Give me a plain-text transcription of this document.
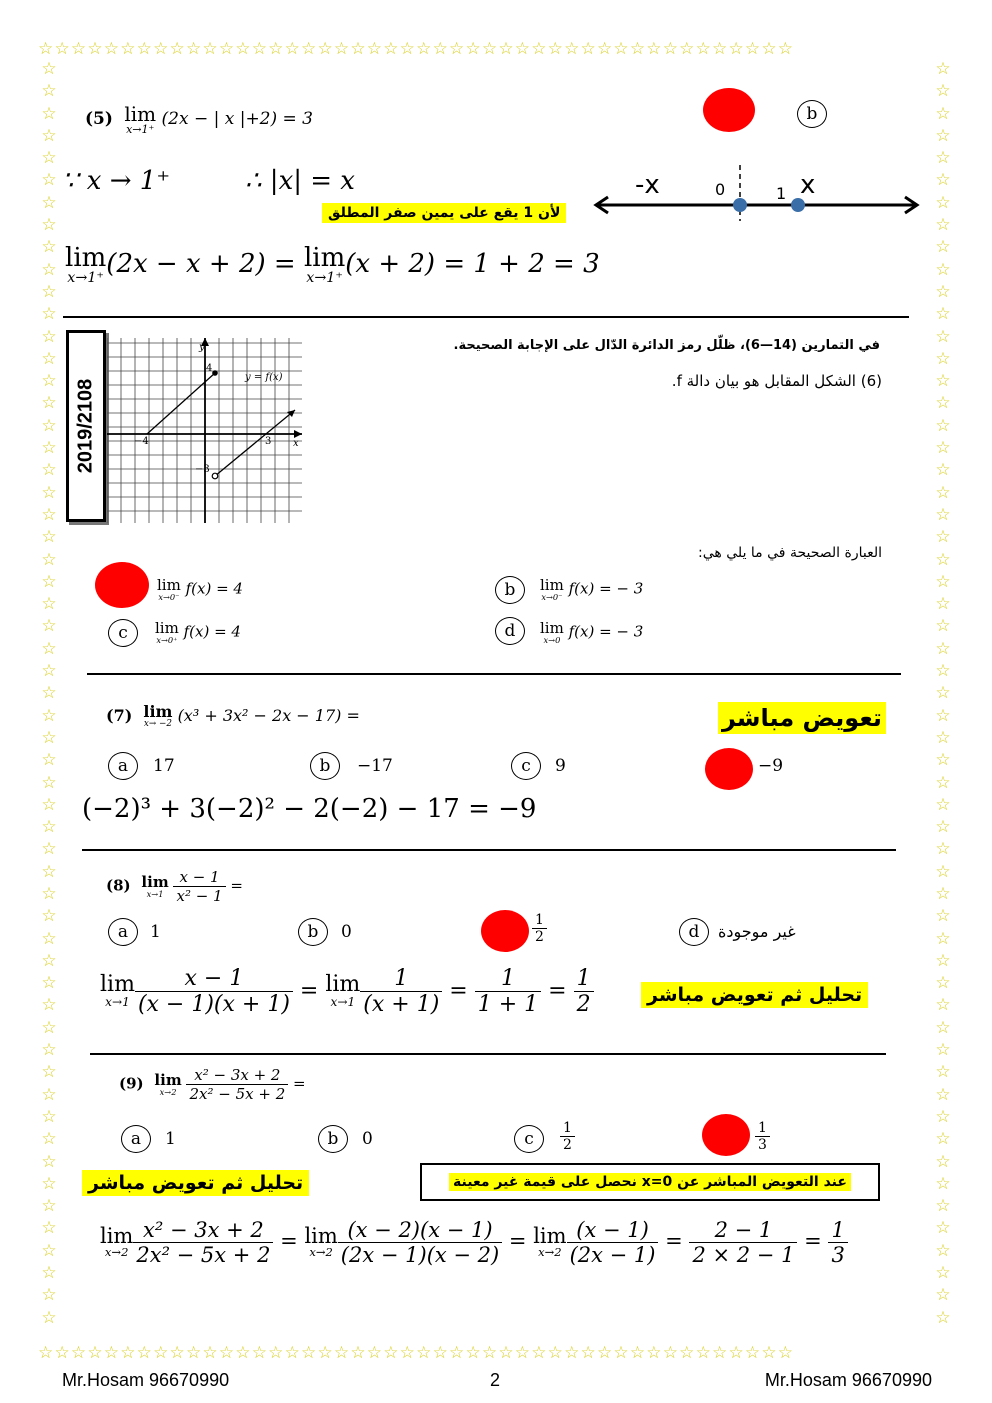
☆☆☆☆☆☆☆☆☆☆☆☆☆☆☆☆☆☆☆☆☆☆☆☆☆☆☆☆☆☆☆☆☆☆☆☆☆☆☆☆☆☆☆☆☆☆
☆☆☆☆☆☆☆☆☆☆☆☆☆☆☆☆☆☆☆☆☆☆☆☆☆☆☆☆☆☆☆☆☆☆☆☆☆☆☆☆☆☆☆☆☆☆
☆
☆
☆
☆
☆
☆
☆
☆
☆
☆
☆
☆
☆
☆
☆
☆
☆
☆
☆
☆
☆
☆
☆
☆
☆
☆
☆
☆
☆
☆
☆
☆
☆
☆
☆
☆
☆
☆
☆
☆
☆
☆
☆
☆
☆
☆
☆
☆
☆
☆
☆
☆
☆
☆
☆
☆
☆
☆
☆
☆
☆
☆
☆
☆
☆
☆
☆
☆
☆
☆
☆
☆
☆
☆
☆
☆
☆
☆
☆
☆
☆
☆
☆
☆
☆
☆
☆
☆
☆
☆
☆
☆
☆
☆
☆
☆
☆
☆
☆
☆
☆
☆
☆
☆
☆
☆
☆
☆
☆
☆
☆
☆
☆
☆
(5) lim
x→1⁺
(2x − | x |+2) = 3	b
∵ x → 1⁺	∴ |x| = x
لأن 1 يقع على يمين صفر المطلق
-x	0	1 x
lim
x→1⁺ (2x − x + 2) = lim
x→1⁺ (x + 2) = 1 + 2 = 3
2019/2108
y
x
y = f(x)
4
−4	3
−3
في التمارين (14—6)، ظلّل رمز الدائرة الدّال على الإجابة الصحيحة.
(6) الشكل المقابل هو بيان دالة f.
العبارة الصحيحة في ما يلي هي:
lim
x→0⁻ f(x) = 4	b	lim
x→0⁻ f(x) = − 3
c	lim
x→0⁺ f(x) = 4	d	lim
x→0 f(x) = − 3
(7) lim
x→ −2 (x³ + 3x² − 2x − 17) =	تعويض مباشر
a	17	b	−17	c	9	−9
(−2)³ + 3(−2)² − 2(−2) − 17 = −9
(8) lim
x→1
$\frac{x - 1}{\text{x² − 1}}$ =
a	1	b	0	$\frac{1}{2}$	d	غير موجودة
lim
$x\to 1 \frac{x - 1}{(x - 1)(x + 1)} = \lim$
$x\to 1 \frac{1}{(x + 1)} = \frac{1}{1 + 1} = \frac{1}{2}$	تحليل ثم تعويض مباشر
(9) lim
x→2
$\frac{\text{x² − 3x + 2}}{\text{2x² − 5x + 2}}$ =
a	1	b	0	c	$\frac{1}{2}$	$\frac{1}{3}$
تحليل ثم تعويض مباشر	عند التعويض المباشر عن x=0 نحصل على قيمة غير معينة
lim
$x\to 2 \frac{\text{x² − 3x + 2}}{\text{2x² − 5x + 2}} = \lim$
$x\to 2 \frac{(x - 2)(x - 1)}{(2x - 1)(x - 2)} = \lim$
$x\to 2 \frac{(x - 1)}{(2x - 1)} = \frac{2 - 1}{2 \times 2 - 1} = \frac{1}{3}$
Mr.Hosam 96670990	2	Mr.Hosam 96670990
